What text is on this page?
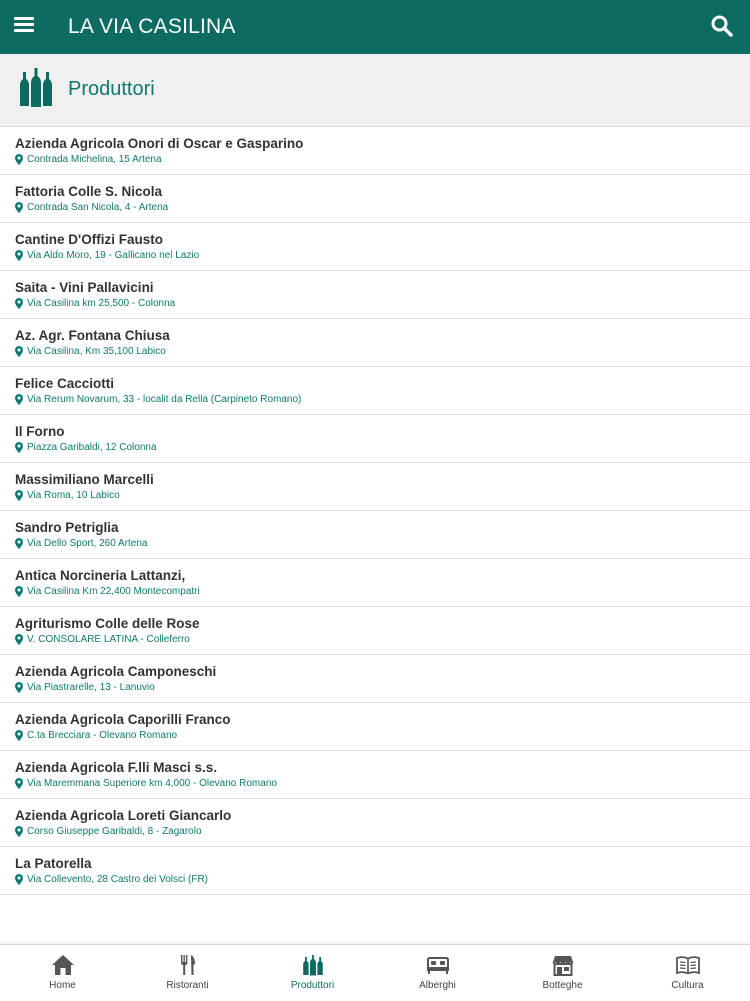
LA VIA CASILINA
Produttori
Azienda Agricola Onori di Oscar e Gasparino
Contrada Michelina, 15 Artena
Fattoria Colle S. Nicola
Contrada San Nicola, 4 - Artena
Cantine D'Offizi Fausto
Via Aldo Moro, 19 - Gallicano nel Lazio
Saita - Vini Pallavicini
Via Casilina km 25,500 - Colonna
Az. Agr. Fontana Chiusa
Via Casilina, Km 35,100 Labico
Felice Cacciotti
Via Rerum Novarum, 33 - localit da Rella (Carpineto Romano)
Il Forno
Piazza Garibaldi, 12 Colonna
Massimiliano Marcelli
Via Roma, 10 Labico
Sandro Petriglia
Via Dello Sport, 260 Artena
Antica Norcineria Lattanzi,
Via Casilina Km 22,400 Montecompatri
Agriturismo Colle delle Rose
V. CONSOLARE LATINA - Colleferro
Azienda Agricola Camponeschi
Via Piastrarelle, 13 - Lanuvio
Azienda Agricola Caporilli Franco
C.ta Brecciara - Olevano Romano
Azienda Agricola F.lli Masci s.s.
Via Maremmana Superiore km 4,000 - Olevano Romano
Azienda Agricola Loreti Giancarlo
Corso Giuseppe Garibaldi, 8 - Zagarolo
La Patorella
Via Collevento, 28 Castro dei Volsci (FR)
Home	Ristoranti	Produttori	Alberghi	Botteghe	Cultura
